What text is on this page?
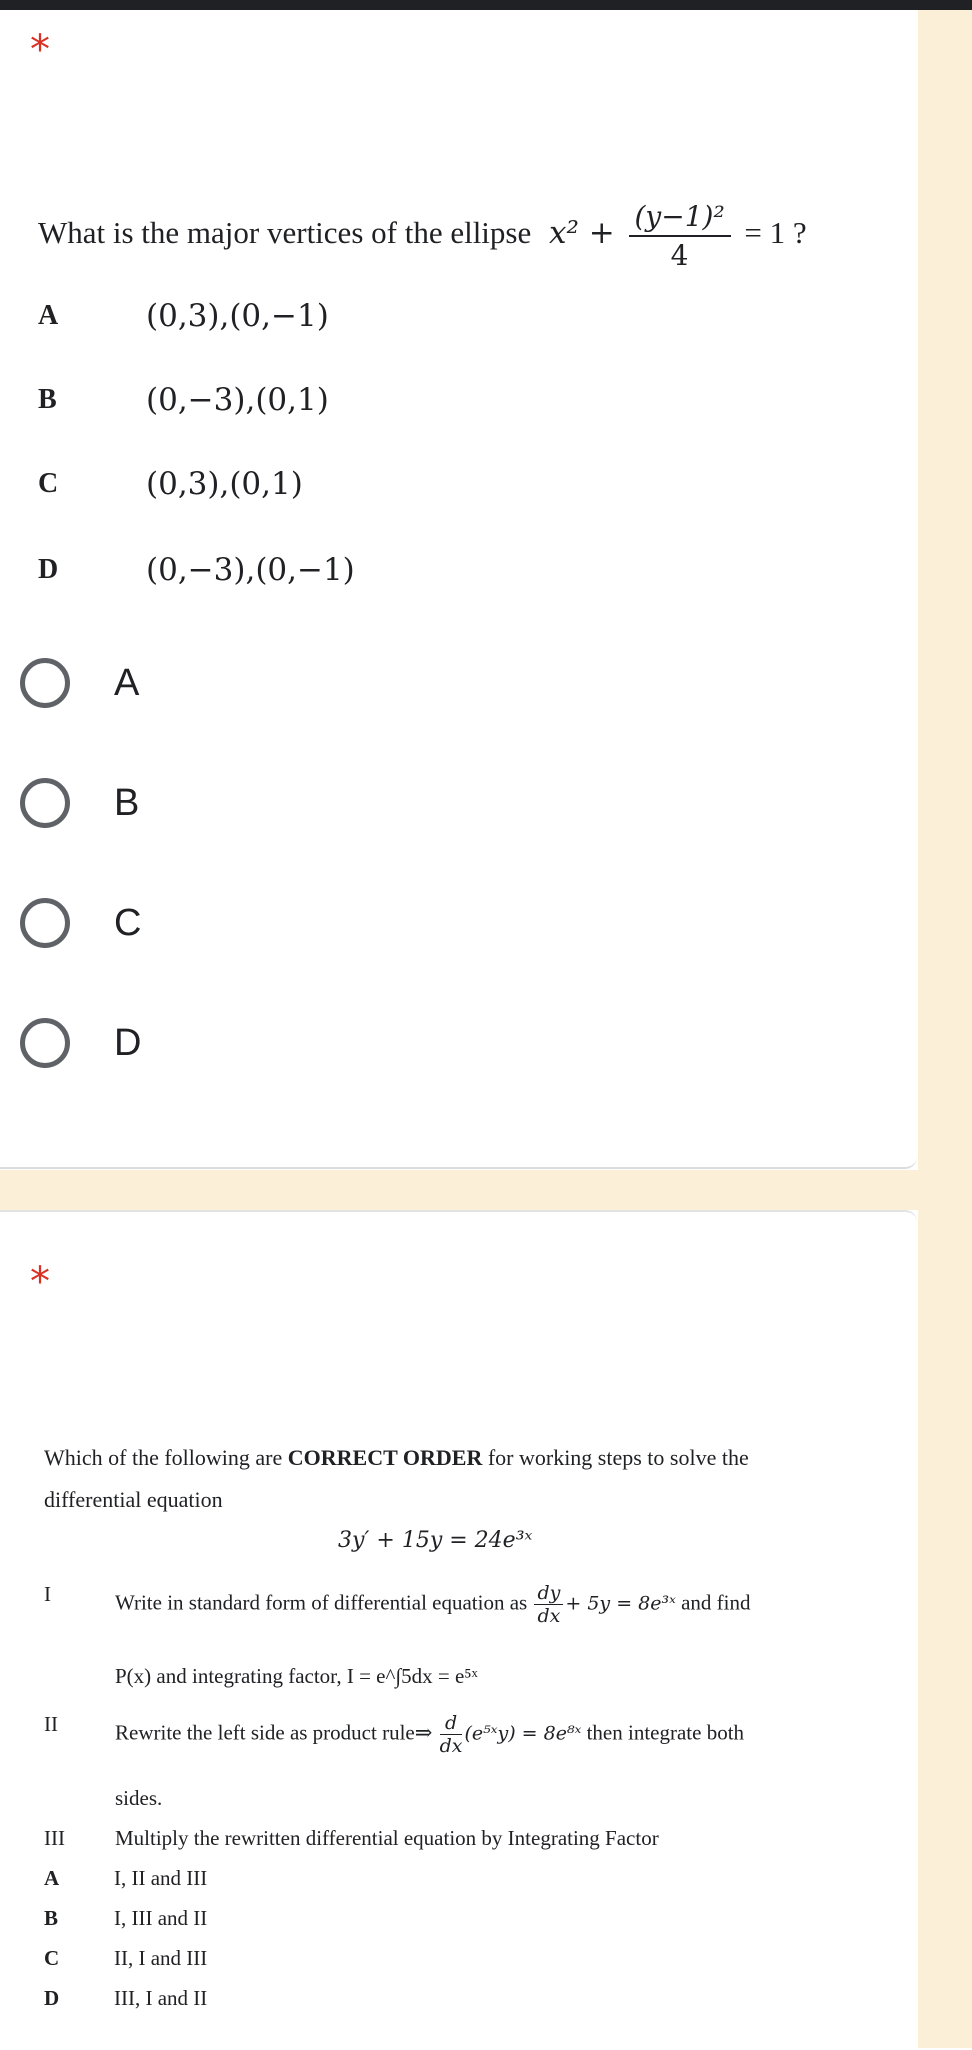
*
What is the major vertices of the ellipse $x^2 + \frac{\text{(y−1)²}}{4} = 1$ ?
A	(0,3),(0,−1)
B	(0,−3),(0,1)
C	(0,3),(0,1)
D	(0,−3),(0,−1)
A
B
C
D
*
Which of the following are CORRECT ORDER for working steps to solve the
differential equation
3y′ + 15y = 24e³ˣ
I	Write in standard form of differential equation as $\frac{dy}{dx} + 5y$ = 8e³ˣ and find
P(x) and integrating factor, I = e^∫5dx = e⁵ˣ
II	Rewrite the left side as product rule⇒ $\frac{d}{dx}$ (e⁵ˣy) = 8e⁸ˣ then integrate both
sides.
III	Multiply the rewritten differential equation by Integrating Factor
A	I, II and III
B	I, III and II
C	II, I and III
D	III, I and II
